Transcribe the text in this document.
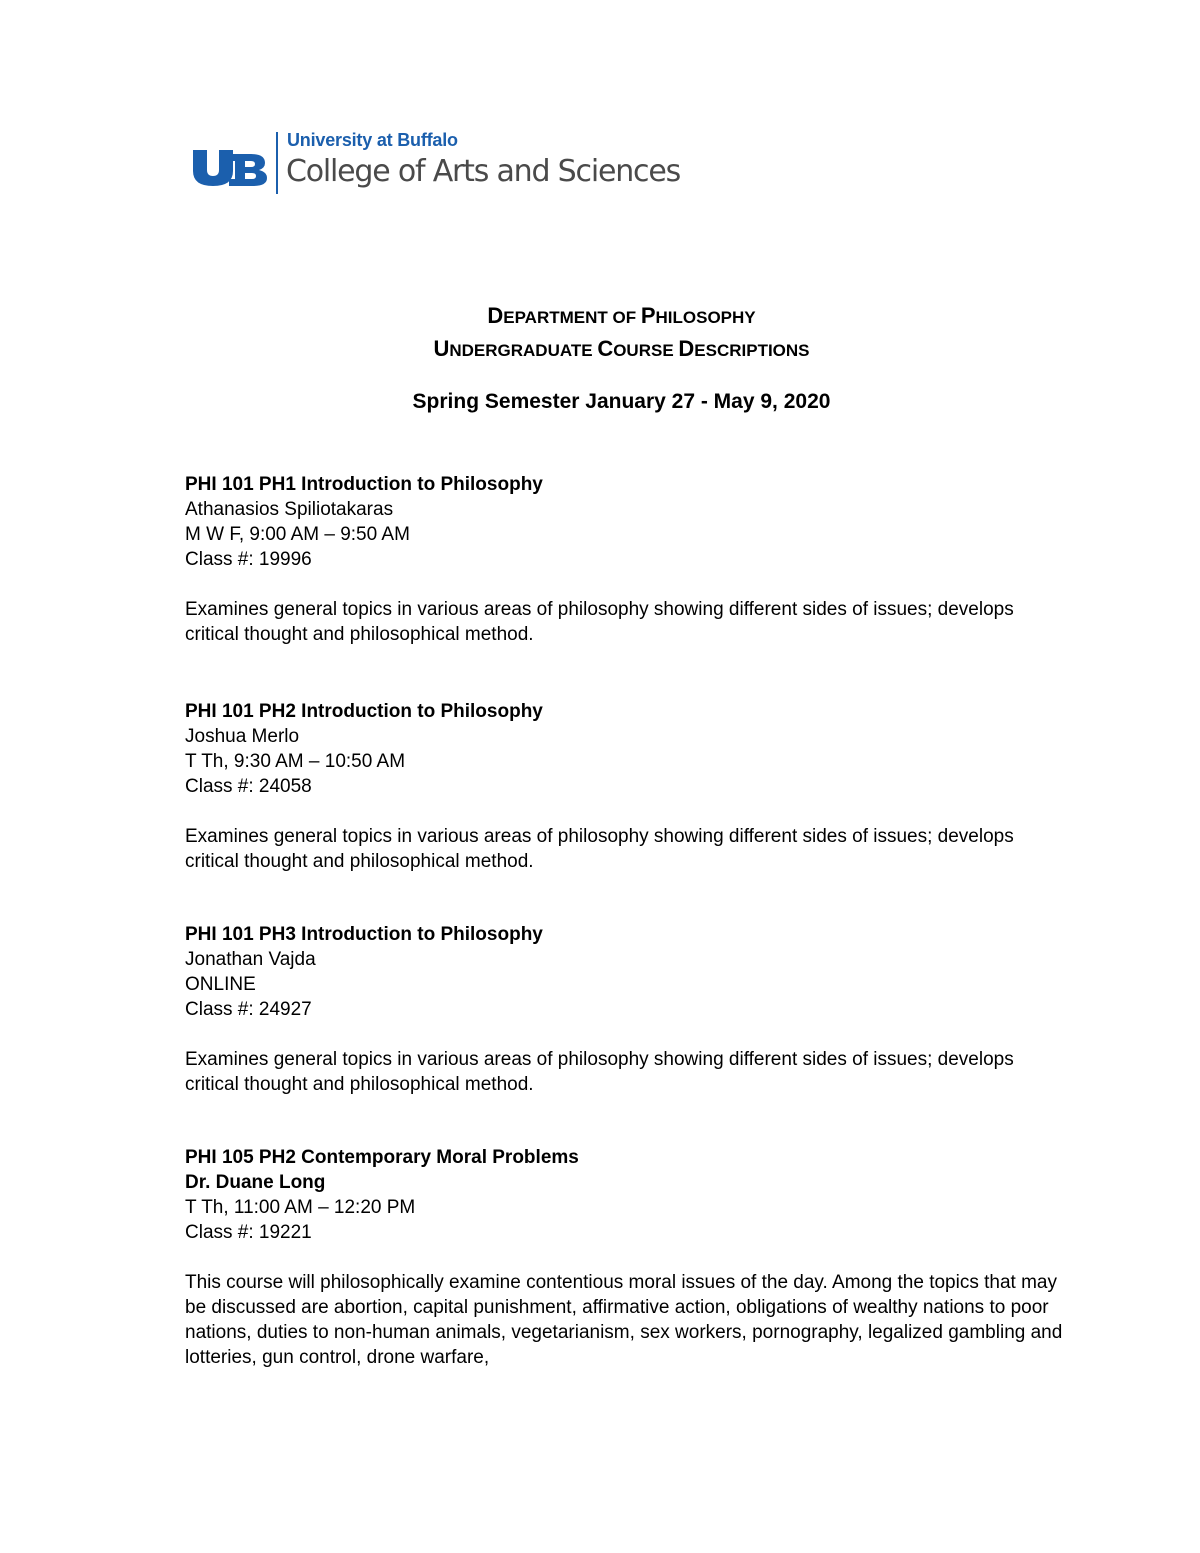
University at Buffalo
College of Arts and Sciences
DEPARTMENT OF PHILOSOPHY
UNDERGRADUATE COURSE DESCRIPTIONS
Spring Semester January 27 - May 9, 2020
PHI 101 PH1 Introduction to Philosophy
Athanasios Spiliotakaras
M W F, 9:00 AM – 9:50 AM
Class #: 19996
Examines general topics in various areas of philosophy showing different sides of issues; develops critical thought and philosophical method.
PHI 101 PH2 Introduction to Philosophy
Joshua Merlo
T Th, 9:30 AM – 10:50 AM
Class #: 24058
Examines general topics in various areas of philosophy showing different sides of issues; develops critical thought and philosophical method.
PHI 101 PH3 Introduction to Philosophy
Jonathan Vajda
ONLINE
Class #: 24927
Examines general topics in various areas of philosophy showing different sides of issues; develops critical thought and philosophical method.
PHI 105 PH2 Contemporary Moral Problems
Dr. Duane Long
T Th, 11:00 AM – 12:20 PM
Class #: 19221
This course will philosophically examine contentious moral issues of the day. Among the topics that may be discussed are abortion, capital punishment, affirmative action, obligations of wealthy nations to poor nations, duties to non-human animals, vegetarianism, sex workers, pornography, legalized gambling and lotteries, gun control, drone warfare,
